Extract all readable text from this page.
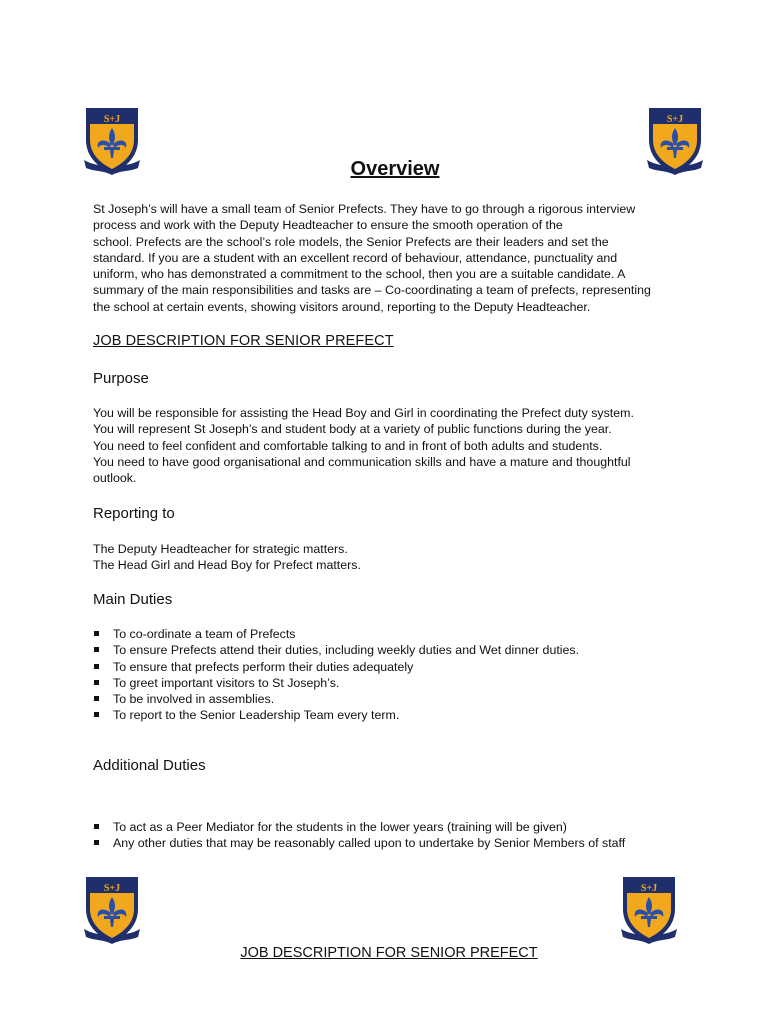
S+J	S+J
S+J	S+J
Overview

St Joseph’s will have a small team of Senior Prefects. They have to go through a rigorous interview

process and work with the Deputy Headteacher to ensure the smooth operation of the

school. Prefects are the school’s role models, the Senior Prefects are their leaders and set the

standard. If you are a student with an excellent record of behaviour, attendance, punctuality and

uniform, who has demonstrated a commitment to the school, then you are a suitable candidate. A

summary of the main responsibilities and tasks are – Co-coordinating a team of prefects, representing

the school at certain events, showing visitors around, reporting to the Deputy Headteacher.

JOB DESCRIPTION FOR SENIOR PREFECT
Purpose

You will be responsible for assisting the Head Boy and Girl in coordinating the Prefect duty system.

You will represent St Joseph’s and student body at a variety of public functions during the year.

You need to feel confident and comfortable talking to and in front of both adults and students.

You need to have good organisational and communication skills and have a mature and thoughtful

outlook.

Reporting to

The Deputy Headteacher for strategic matters.

The Head Girl and Head Boy for Prefect matters.

Main Duties
To co-ordinate a team of Prefects
To ensure Prefects attend their duties, including weekly duties and Wet dinner duties.
To ensure that prefects perform their duties adequately
To greet important visitors to St Joseph’s.
To be involved in assemblies.
To report to the Senior Leadership Team every term.
Additional Duties
To act as a Peer Mediator for the students in the lower years (training will be given)
Any other duties that may be reasonably called upon to undertake by Senior Members of staff
JOB DESCRIPTION FOR SENIOR PREFECT
